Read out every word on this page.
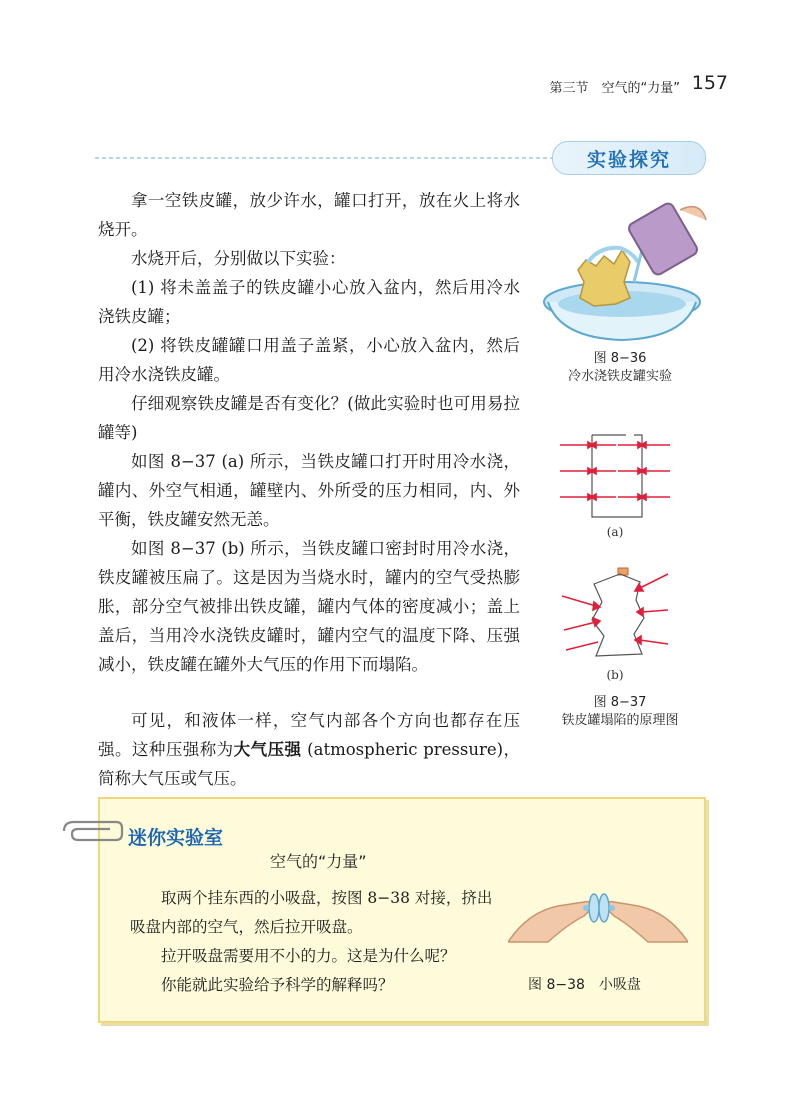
第三节　空气的“力量” 157
实验探究

拿一空铁皮罐，放少许水，罐口打开，放在火上将水烧开。

水烧开后，分别做以下实验：

(1) 将未盖盖子的铁皮罐小心放入盆内，然后用冷水浇铁皮罐；

(2) 将铁皮罐罐口用盖子盖紧，小心放入盆内，然后用冷水浇铁皮罐。

仔细观察铁皮罐是否有变化？(做此实验时也可用易拉罐等)

如图 8−37 (a) 所示，当铁皮罐口打开时用冷水浇，罐内、外空气相通，罐壁内、外所受的压力相同，内、外平衡，铁皮罐安然无恙。

如图 8−37 (b) 所示，当铁皮罐口密封时用冷水浇，铁皮罐被压扁了。这是因为当烧水时，罐内的空气受热膨胀，部分空气被排出铁皮罐，罐内气体的密度减小；盖上盖后，当用冷水浇铁皮罐时，罐内空气的温度下降、压强减小，铁皮罐在罐外大气压的作用下而塌陷。

可见，和液体一样，空气内部各个方向也都存在压强。这种压强称为大气压强 (atmospheric pressure)，简称大气压或气压。

图 8−36
冷水浇铁皮罐实验
(a)
(b)
图 8−37
铁皮罐塌陷的原理图
迷你实验室
空气的“力量”

取两个挂东西的小吸盘，按图 8−38 对接，挤出吸盘内部的空气，然后拉开吸盘。

拉开吸盘需要用不小的力。这是为什么呢？

你能就此实验给予科学的解释吗？	图 8−38　小吸盘
